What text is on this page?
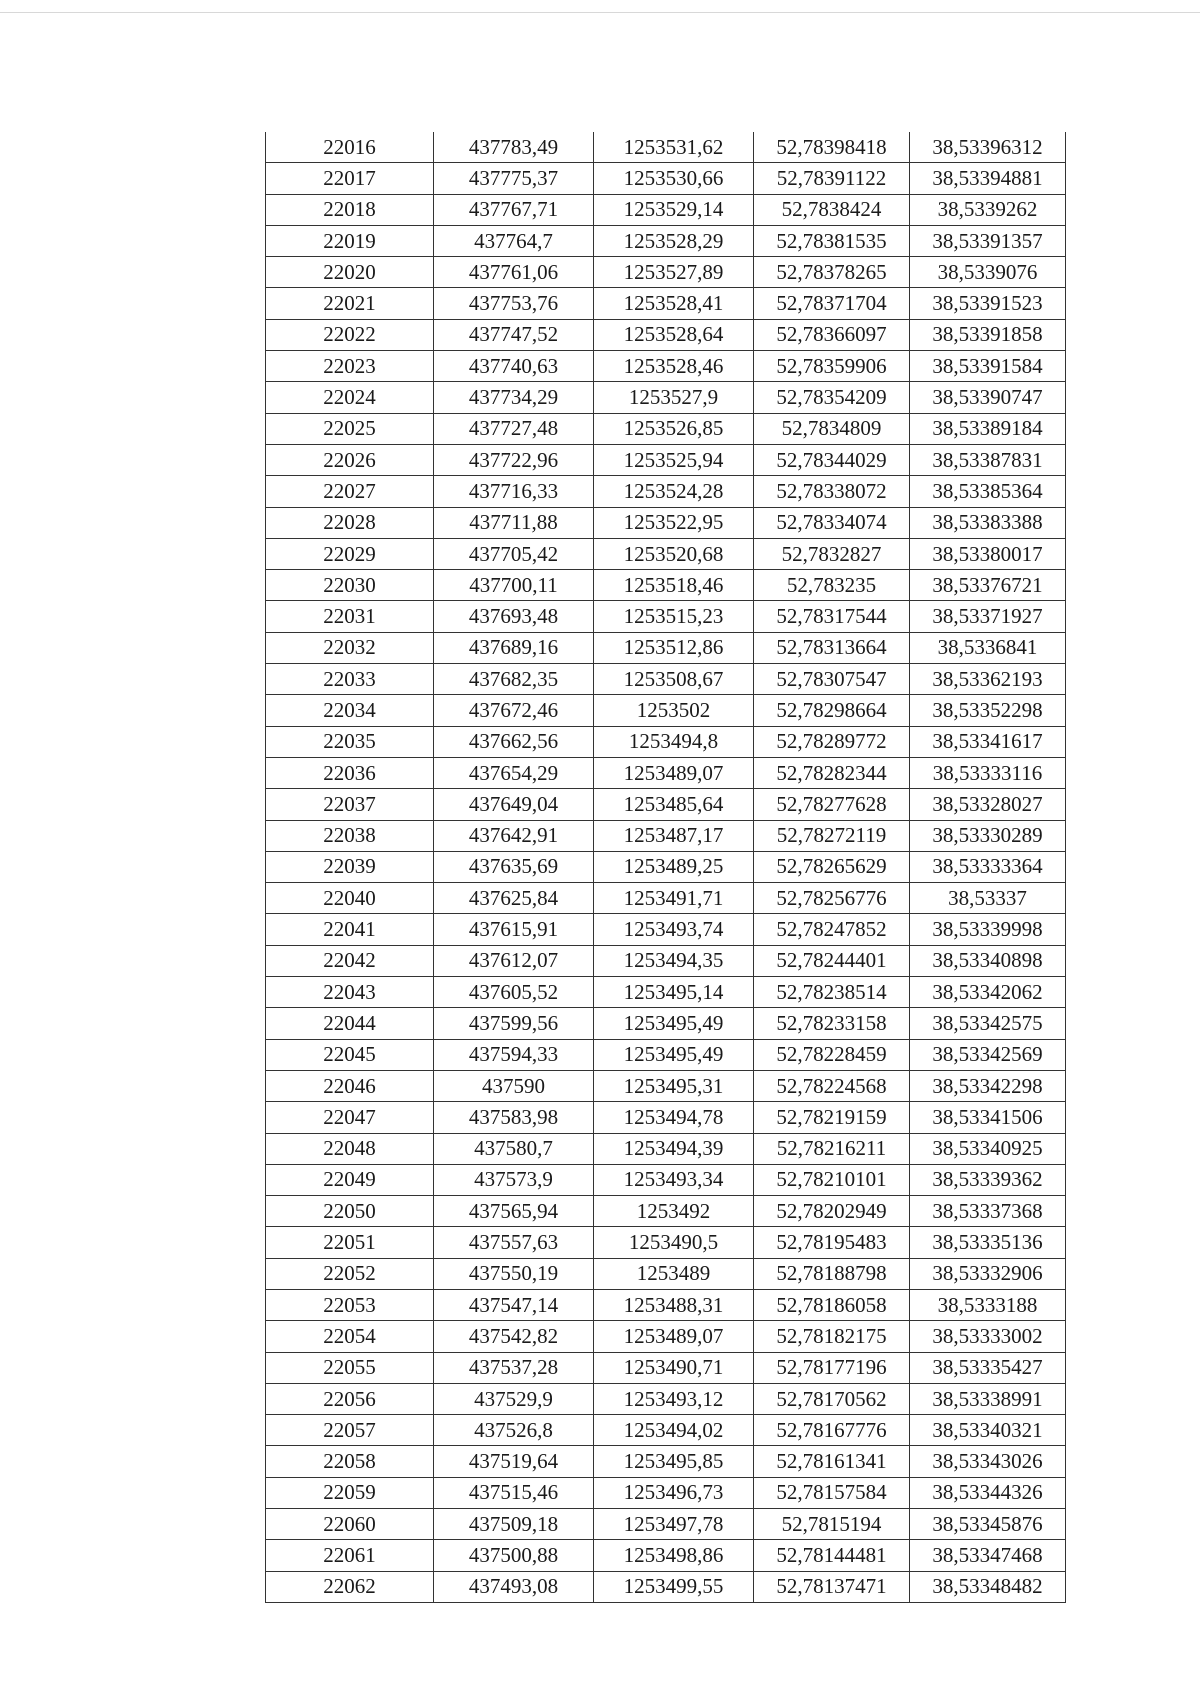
22016	437783,49	1253531,62	52,78398418	38,53396312
22017	437775,37	1253530,66	52,78391122	38,53394881
22018	437767,71	1253529,14	52,7838424	38,5339262
22019	437764,7	1253528,29	52,78381535	38,53391357
22020	437761,06	1253527,89	52,78378265	38,5339076
22021	437753,76	1253528,41	52,78371704	38,53391523
22022	437747,52	1253528,64	52,78366097	38,53391858
22023	437740,63	1253528,46	52,78359906	38,53391584
22024	437734,29	1253527,9	52,78354209	38,53390747
22025	437727,48	1253526,85	52,7834809	38,53389184
22026	437722,96	1253525,94	52,78344029	38,53387831
22027	437716,33	1253524,28	52,78338072	38,53385364
22028	437711,88	1253522,95	52,78334074	38,53383388
22029	437705,42	1253520,68	52,7832827	38,53380017
22030	437700,11	1253518,46	52,783235	38,53376721
22031	437693,48	1253515,23	52,78317544	38,53371927
22032	437689,16	1253512,86	52,78313664	38,5336841
22033	437682,35	1253508,67	52,78307547	38,53362193
22034	437672,46	1253502	52,78298664	38,53352298
22035	437662,56	1253494,8	52,78289772	38,53341617
22036	437654,29	1253489,07	52,78282344	38,53333116
22037	437649,04	1253485,64	52,78277628	38,53328027
22038	437642,91	1253487,17	52,78272119	38,53330289
22039	437635,69	1253489,25	52,78265629	38,53333364
22040	437625,84	1253491,71	52,78256776	38,53337
22041	437615,91	1253493,74	52,78247852	38,53339998
22042	437612,07	1253494,35	52,78244401	38,53340898
22043	437605,52	1253495,14	52,78238514	38,53342062
22044	437599,56	1253495,49	52,78233158	38,53342575
22045	437594,33	1253495,49	52,78228459	38,53342569
22046	437590	1253495,31	52,78224568	38,53342298
22047	437583,98	1253494,78	52,78219159	38,53341506
22048	437580,7	1253494,39	52,78216211	38,53340925
22049	437573,9	1253493,34	52,78210101	38,53339362
22050	437565,94	1253492	52,78202949	38,53337368
22051	437557,63	1253490,5	52,78195483	38,53335136
22052	437550,19	1253489	52,78188798	38,53332906
22053	437547,14	1253488,31	52,78186058	38,5333188
22054	437542,82	1253489,07	52,78182175	38,53333002
22055	437537,28	1253490,71	52,78177196	38,53335427
22056	437529,9	1253493,12	52,78170562	38,53338991
22057	437526,8	1253494,02	52,78167776	38,53340321
22058	437519,64	1253495,85	52,78161341	38,53343026
22059	437515,46	1253496,73	52,78157584	38,53344326
22060	437509,18	1253497,78	52,7815194	38,53345876
22061	437500,88	1253498,86	52,78144481	38,53347468
22062	437493,08	1253499,55	52,78137471	38,53348482
